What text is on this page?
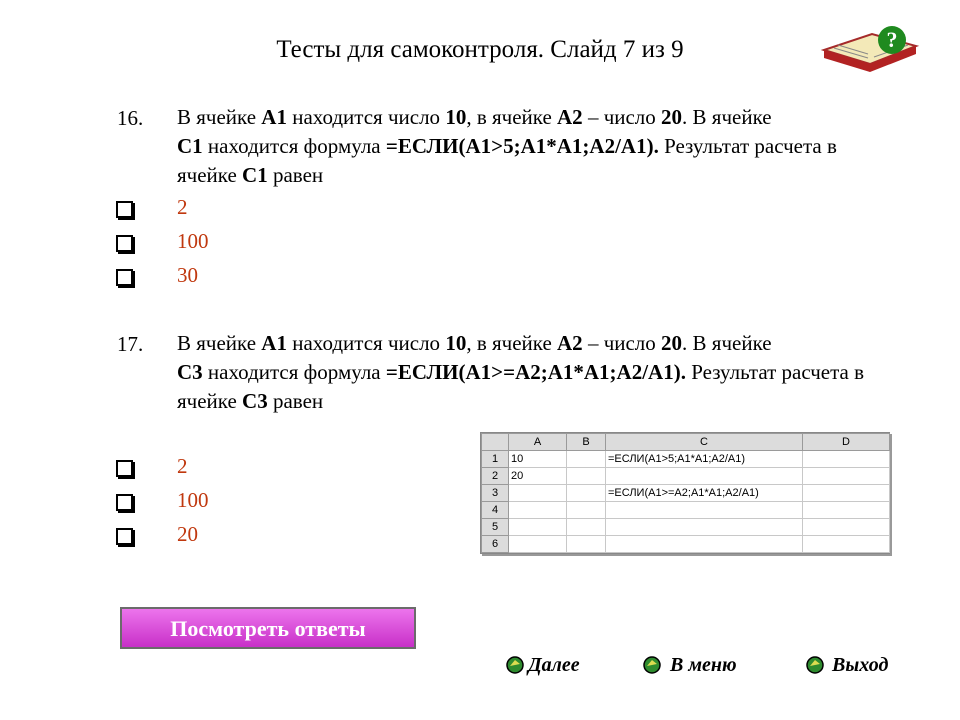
Тесты для самоконтроля. Слайд 7 из 9	?
16. В ячейке А1 находится число 10, в ячейке А2 – число 20. В ячейке
С1 находится формула =ЕСЛИ(А1>5;А1*А1;А2/А1). Результат расчета в ячейке С1 равен
2
100
30
17. В ячейке А1 находится число 10, в ячейке А2 – число 20. В ячейке
С3 находится формула =ЕСЛИ(А1>=А2;А1*А1;А2/А1). Результат расчета в ячейке С3 равен
2
100
20
	A	B	C	D
1	10		=ЕСЛИ(A1>5;A1*A1;A2/A1)	
2	20			
3			=ЕСЛИ(A1>=A2;A1*A1;A2/A1)	
4				
5				
6				
Посмотреть ответы
Далее	В меню	Выход
